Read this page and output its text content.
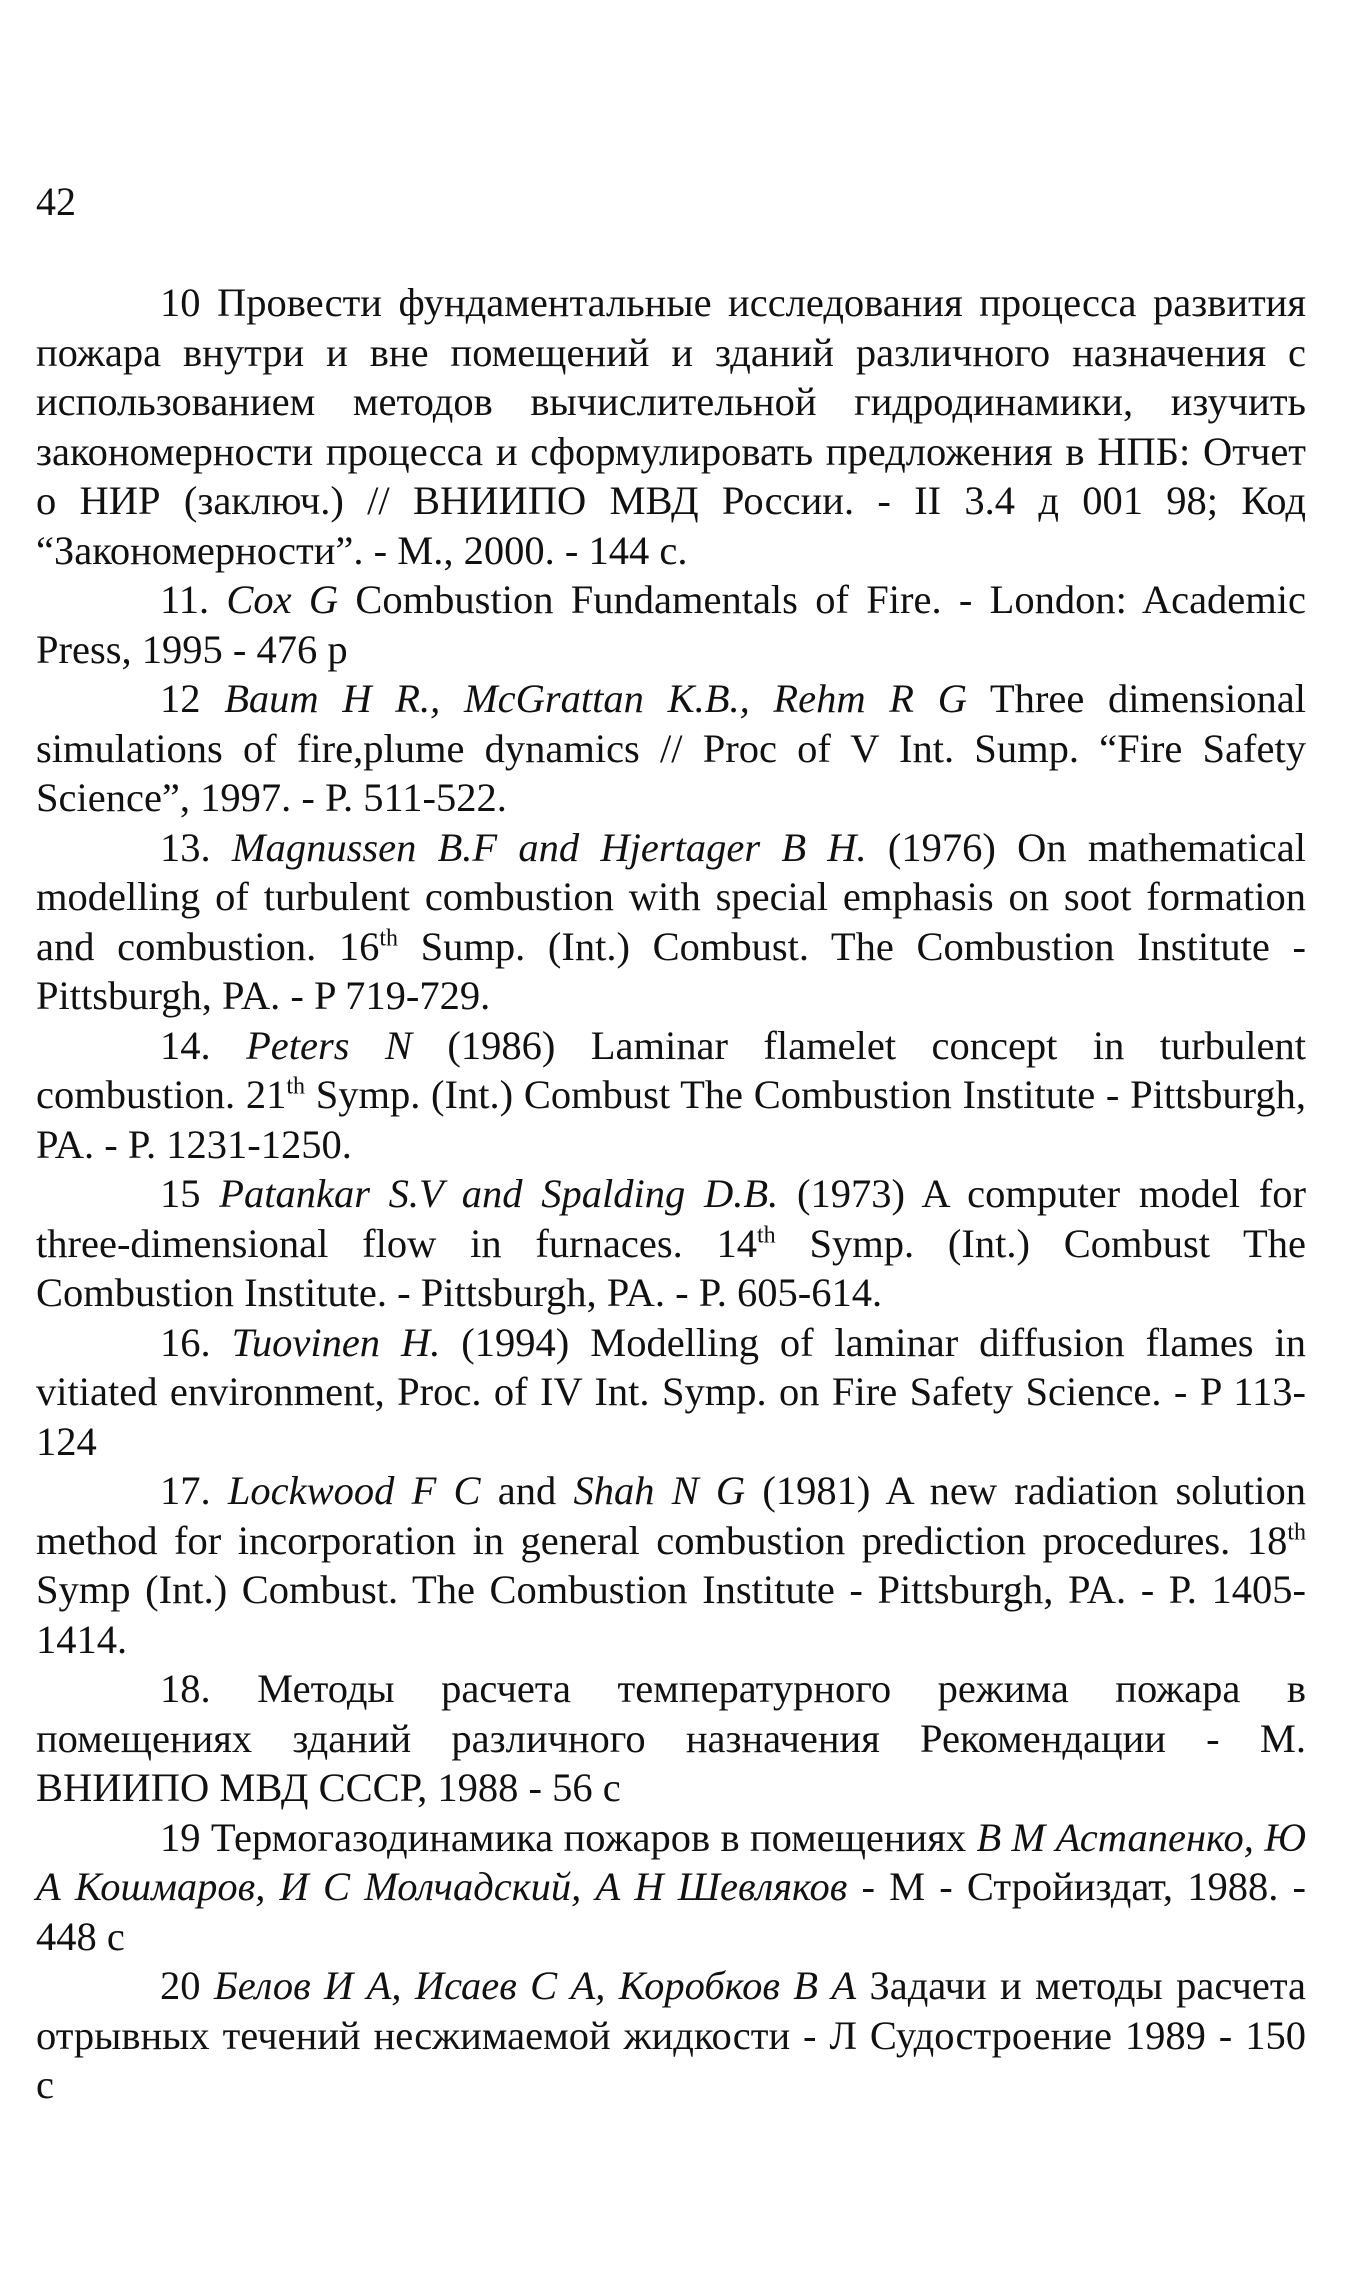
42

10 Провести фундаментальные исследования процесса развития пожара внутри и вне помещений и зданий различного назначения с использованием методов вычислительной гидродинамики, изучить закономерности процесса и сформулировать предложения в НПБ: Отчет о НИР (заключ.) // ВНИИПО МВД России. - II 3.4 д 001 98; Код “Закономерности”. - М., 2000. - 144 с.

11. Cox G Combustion Fundamentals of Fire. - London: Academic Press, 1995 - 476 p

12 Baum H R., McGrattan K.B., Rehm R G Three dimensional simulations of fire,plume dynamics // Proc of V Int. Sump. “Fire Safety Science”, 1997. - P. 511-522.

13. Magnussen B.F and Hjertager B H. (1976) On mathematical modelling of turbulent combustion with special emphasis on soot formation and combustion. 16th Sump. (Int.) Combust. The Combustion Institute - Pittsburgh, PA. - P 719-729.

14. Peters N (1986) Laminar flamelet concept in turbulent combustion. 21th Symp. (Int.) Combust The Combustion Institute - Pittsburgh, PA. - P. 1231-1250.

15 Patankar S.V and Spalding D.B. (1973) A computer model for three-dimensional flow in furnaces. 14th Symp. (Int.) Combust The Combustion Institute. - Pittsburgh, PA. - P. 605-614.

16. Tuovinen H. (1994) Modelling of laminar diffusion flames in vitiated environment, Proc. of IV Int. Symp. on Fire Safety Science. - P 113-124

17. Lockwood F C and Shah N G (1981) A new radiation solution method for incorporation in general combustion prediction procedures. 18th Symp (Int.) Combust. The Combustion Institute - Pittsburgh, PA. - P. 1405-1414.

18. Методы расчета температурного режима пожара в помещениях зданий различного назначения Рекомендации - М. ВНИИПО МВД СССР, 1988 - 56 с

19 Термогазодинамика пожаров в помещениях В М Астапенко, Ю А Кошмаров, И С Молчадский, А Н Шевляков - М - Стройиздат, 1988. - 448 с

20 Белов И А, Исаев С А, Коробков В А Задачи и методы расчета отрывных течений несжимаемой жидкости - Л Судостроение 1989 - 150 с
